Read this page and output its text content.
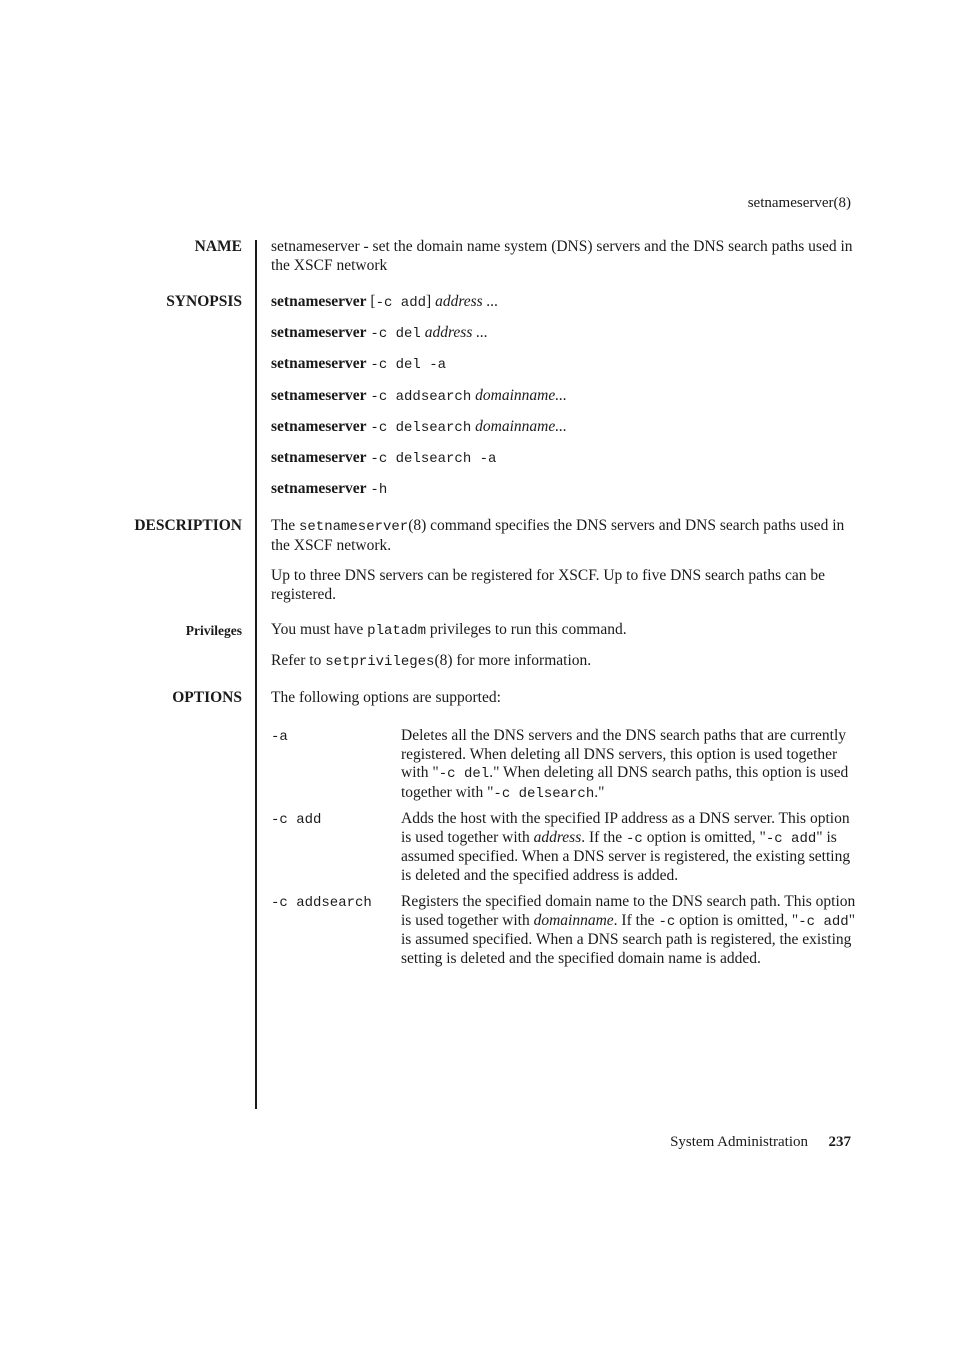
setnameserver(8)
NAME setnameserver - set the domain name system (DNS) servers and the DNS search paths used in the XSCF network
SYNOPSIS setnameserver [-c add] address ...
setnameserver -c del address ...
setnameserver -c del -a
setnameserver -c addsearch domainname...
setnameserver -c delsearch domainname...
setnameserver -c delsearch -a
setnameserver -h
DESCRIPTION The setnameserver(8) command specifies the DNS servers and DNS search paths used in the XSCF network.
Up to three DNS servers can be registered for XSCF. Up to five DNS search paths can be registered.
Privileges You must have platadm privileges to run this command.
Refer to setprivileges(8) for more information.
OPTIONS The following options are supported:
-a	Deletes all the DNS servers and the DNS search paths that are currently registered. When deleting all DNS servers, this option is used together with "-c del." When deleting all DNS search paths, this option is used together with "-c delsearch."
-c add	Adds the host with the specified IP address as a DNS server. This option is used together with address. If the -c option is omitted, "-c add" is assumed specified. When a DNS server is registered, the existing setting is deleted and the specified address is added.
-c addsearch Registers the specified domain name to the DNS search path. This option is used together with domainname. If the -c option is omitted, "-c add" is assumed specified. When a DNS search path is registered, the existing setting is deleted and the specified domain name is added.
System Administration 237
